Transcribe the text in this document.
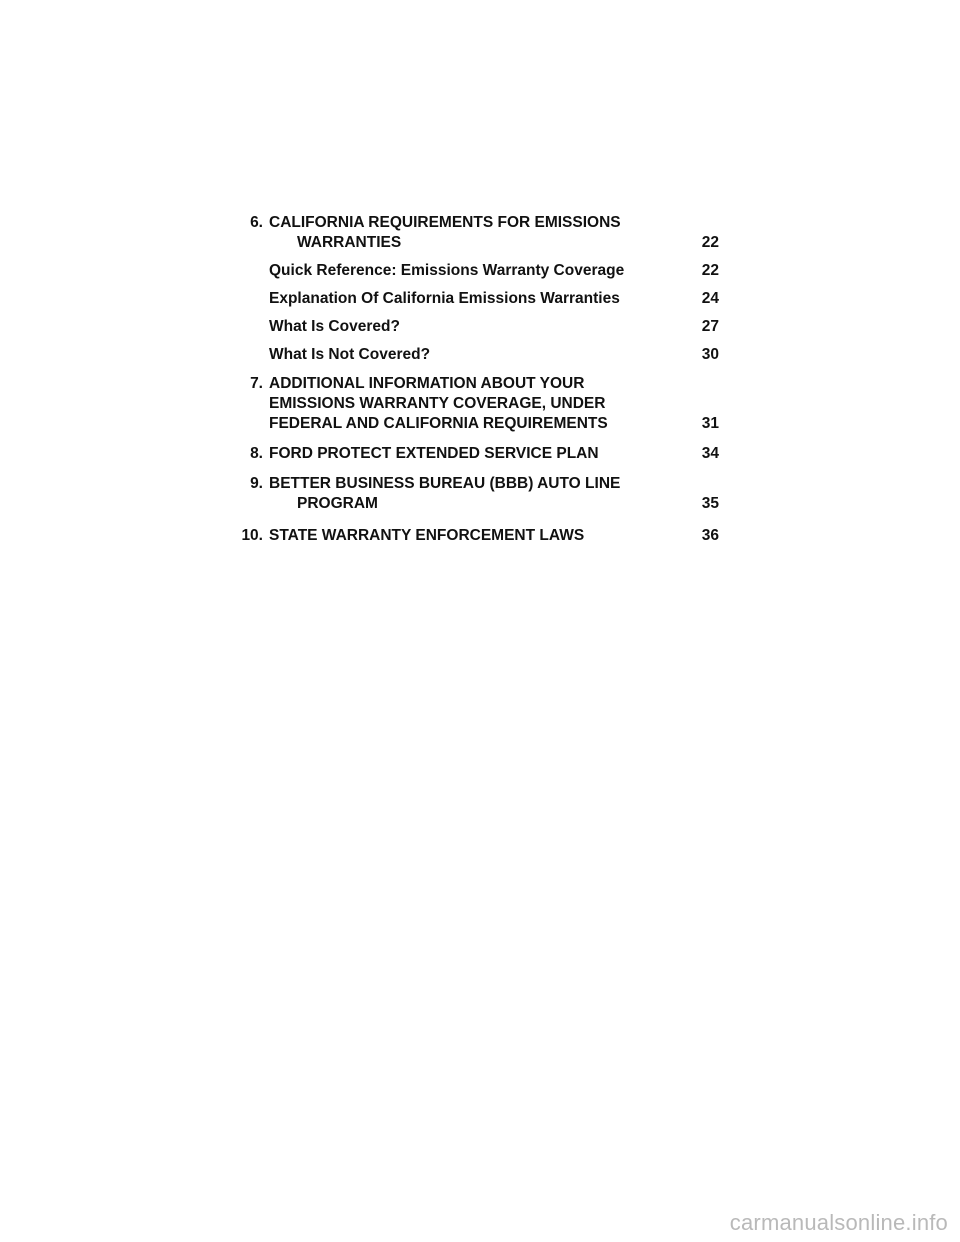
6. CALIFORNIA REQUIREMENTS FOR EMISSIONS
WARRANTIES	22
Quick Reference: Emissions Warranty Coverage	22
Explanation Of California Emissions Warranties	24
What Is Covered?	27
What Is Not Covered?	30
7. ADDITIONAL INFORMATION ABOUT YOUR
EMISSIONS WARRANTY COVERAGE, UNDER
FEDERAL AND CALIFORNIA REQUIREMENTS	31
8. FORD PROTECT EXTENDED SERVICE PLAN	34
9. BETTER BUSINESS BUREAU (BBB) AUTO LINE
PROGRAM	35
10. STATE WARRANTY ENFORCEMENT LAWS	36
carmanualsonline.info
